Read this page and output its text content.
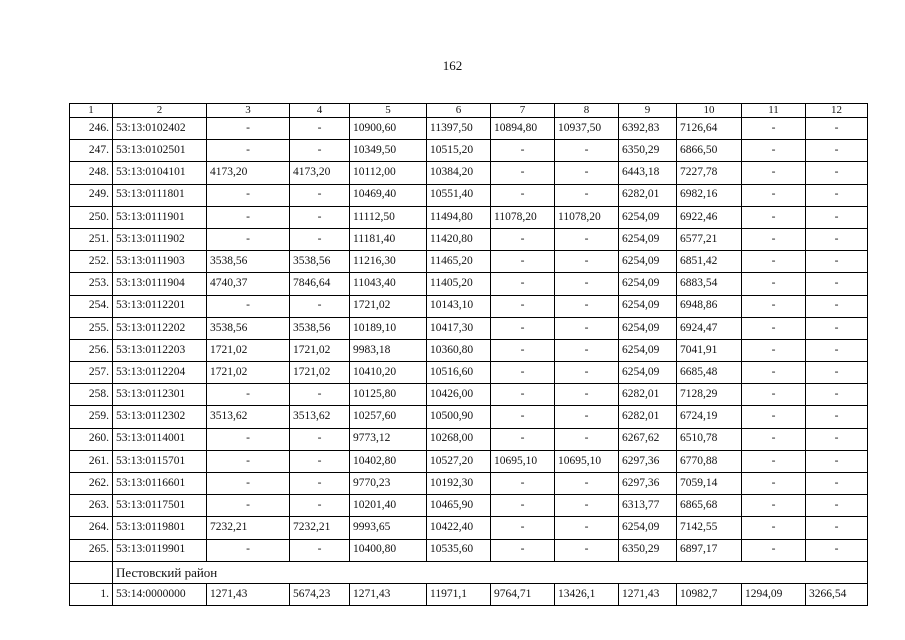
162
1	2	3	4	5	6	7	8	9	10	11	12
246.	53:13:0102402	-	-	10900,60	11397,50	10894,80	10937,50	6392,83	7126,64	-	-
247.	53:13:0102501	-	-	10349,50	10515,20	-	-	6350,29	6866,50	-	-
248.	53:13:0104101	4173,20	4173,20	10112,00	10384,20	-	-	6443,18	7227,78	-	-
249.	53:13:0111801	-	-	10469,40	10551,40	-	-	6282,01	6982,16	-	-
250.	53:13:0111901	-	-	11112,50	11494,80	11078,20	11078,20	6254,09	6922,46	-	-
251.	53:13:0111902	-	-	11181,40	11420,80	-	-	6254,09	6577,21	-	-
252.	53:13:0111903	3538,56	3538,56	11216,30	11465,20	-	-	6254,09	6851,42	-	-
253.	53:13:0111904	4740,37	7846,64	11043,40	11405,20	-	-	6254,09	6883,54	-	-
254.	53:13:0112201	-	-	1721,02	10143,10	-	-	6254,09	6948,86	-	-
255.	53:13:0112202	3538,56	3538,56	10189,10	10417,30	-	-	6254,09	6924,47	-	-
256.	53:13:0112203	1721,02	1721,02	9983,18	10360,80	-	-	6254,09	7041,91	-	-
257.	53:13:0112204	1721,02	1721,02	10410,20	10516,60	-	-	6254,09	6685,48	-	-
258.	53:13:0112301	-	-	10125,80	10426,00	-	-	6282,01	7128,29	-	-
259.	53:13:0112302	3513,62	3513,62	10257,60	10500,90	-	-	6282,01	6724,19	-	-
260.	53:13:0114001	-	-	9773,12	10268,00	-	-	6267,62	6510,78	-	-
261.	53:13:0115701	-	-	10402,80	10527,20	10695,10	10695,10	6297,36	6770,88	-	-
262.	53:13:0116601	-	-	9770,23	10192,30	-	-	6297,36	7059,14	-	-
263.	53:13:0117501	-	-	10201,40	10465,90	-	-	6313,77	6865,68	-	-
264.	53:13:0119801	7232,21	7232,21	9993,65	10422,40	-	-	6254,09	7142,55	-	-
265.	53:13:0119901	-	-	10400,80	10535,60	-	-	6350,29	6897,17	-	-
	Пестовский район										
1.	53:14:0000000	1271,43	5674,23	1271,43	11971,1	9764,71	13426,1	1271,43	10982,7	1294,09	3266,54
